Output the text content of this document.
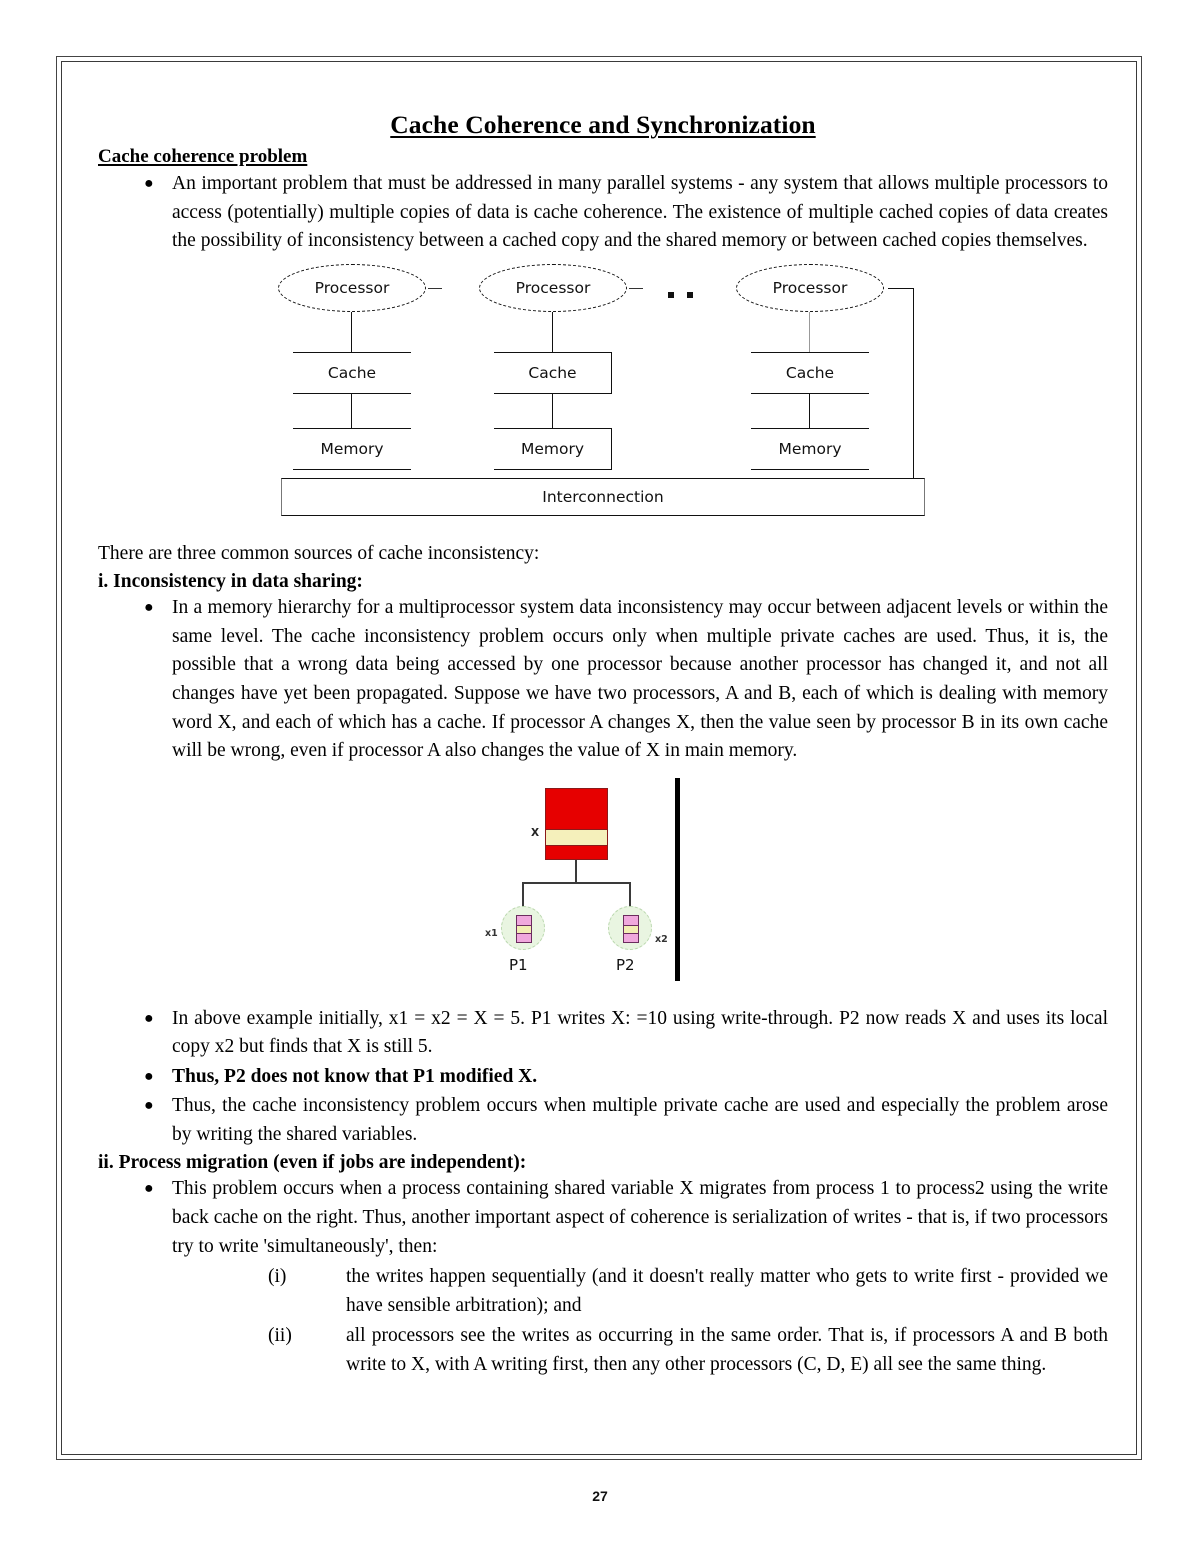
Cache Coherence and Synchronization
Cache coherence problem
● An important problem that must be addressed in many parallel systems - any system that allows multiple processors to access (potentially) multiple copies of data is cache coherence. The existence of multiple cached copies of data creates the possibility of inconsistency between a cached copy and the shared memory or between cached copies themselves.
Processor
Cache
Memory
Processor
Cache
Memory
Processor
Cache
Memory
Interconnection
There are three common sources of cache inconsistency:
i. Inconsistency in data sharing:
● In a memory hierarchy for a multiprocessor system data inconsistency may occur between adjacent levels or within the same level. The cache inconsistency problem occurs only when multiple private caches are used. Thus, it is, the possible that a wrong data being accessed by one processor because another processor has changed it, and not all changes have yet been propagated. Suppose we have two processors, A and B, each of which is dealing with memory word X, and each of which has a cache. If processor A changes X, then the value seen by processor B in its own cache will be wrong, even if processor A also changes the value of X in main memory.
X
x1
P1
x2
P2
● In above example initially, x1 = x2 = X = 5. P1 writes X: =10 using write-through. P2 now reads X and uses its local copy x2 but finds that X is still 5.
● Thus, P2 does not know that P1 modified X.
● Thus, the cache inconsistency problem occurs when multiple private cache are used and especially the problem arose by writing the shared variables.
ii. Process migration (even if jobs are independent):
● This problem occurs when a process containing shared variable X migrates from process 1 to process2 using the write back cache on the right. Thus, another important aspect of coherence is serialization of writes - that is, if two processors try to write 'simultaneously', then:
(i)	the writes happen sequentially (and it doesn't really matter who gets to write first - provided we have sensible arbitration); and
(ii)	all processors see the writes as occurring in the same order. That is, if processors A and B both write to X, with A writing first, then any other processors (C, D, E) all see the same thing.
27
